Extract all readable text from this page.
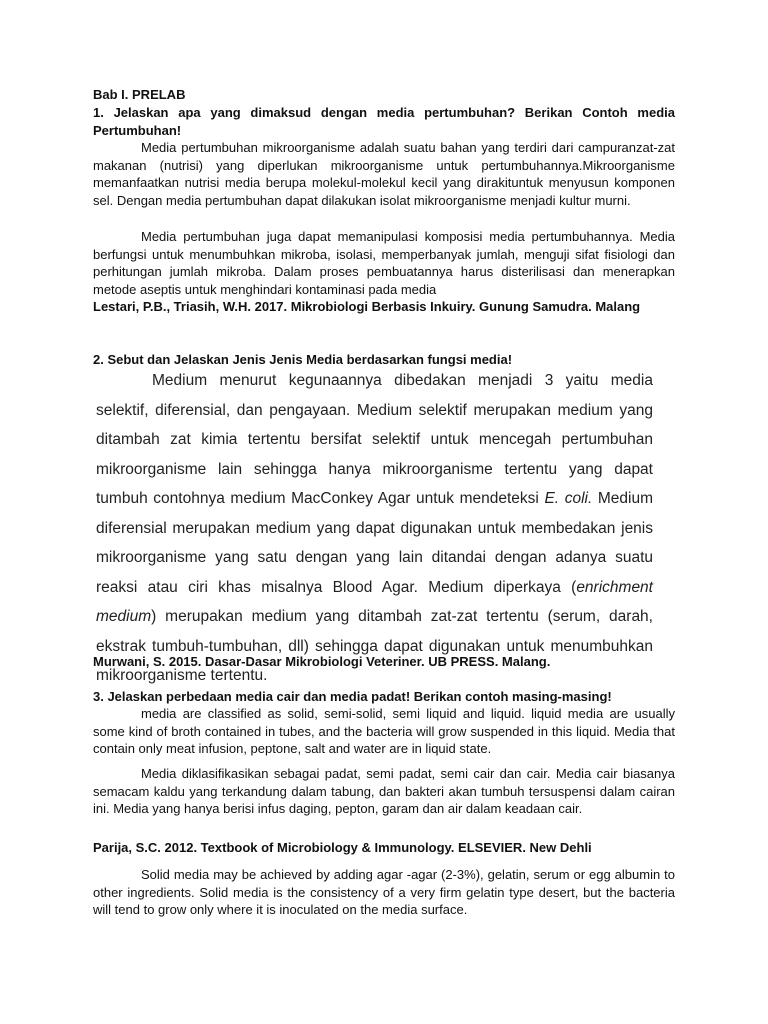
Bab I. PRELAB

1. Jelaskan apa yang dimaksud dengan media pertumbuhan? Berikan Contoh media Pertumbuhan!

Media pertumbuhan mikroorganisme adalah suatu bahan yang terdiri dari campuranzat-zat makanan (nutrisi) yang diperlukan mikroorganisme untuk pertumbuhannya.Mikroorganisme memanfaatkan nutrisi media berupa molekul-molekul kecil yang dirakituntuk menyusun komponen sel. Dengan media pertumbuhan dapat dilakukan isolat mikroorganisme menjadi kultur murni.

Media pertumbuhan juga dapat memanipulasi komposisi media pertumbuhannya. Media berfungsi untuk menumbuhkan mikroba, isolasi, memperbanyak jumlah, menguji sifat fisiologi dan perhitungan jumlah mikroba. Dalam proses pembuatannya harus disterilisasi dan menerapkan metode aseptis untuk menghindari kontaminasi pada media

Lestari, P.B., Triasih, W.H. 2017. Mikrobiologi Berbasis Inkuiry. Gunung Samudra. Malang

2. Sebut dan Jelaskan Jenis Jenis Media berdasarkan fungsi media!

Medium menurut kegunaannya dibedakan menjadi 3 yaitu media selektif, diferensial, dan pengayaan. Medium selektif merupakan medium yang ditambah zat kimia tertentu bersifat selektif untuk mencegah pertumbuhan mikroorganisme lain sehingga hanya mikroorganisme tertentu yang dapat tumbuh contohnya medium MacConkey Agar untuk mendeteksi E. coli. Medium diferensial merupakan medium yang dapat digunakan untuk membedakan jenis mikroorganisme yang satu dengan yang lain ditandai dengan adanya suatu reaksi atau ciri khas misalnya Blood Agar. Medium diperkaya (enrichment medium) merupakan medium yang ditambah zat-zat tertentu (serum, darah, ekstrak tumbuh-tumbuhan, dll) sehingga dapat digunakan untuk menumbuhkan mikroorganisme tertentu.

Murwani, S. 2015. Dasar-Dasar Mikrobiologi Veteriner. UB PRESS. Malang.

3. Jelaskan perbedaan media cair dan media padat! Berikan contoh masing-masing!

media are classified as solid, semi-solid, semi liquid and liquid. liquid media are usually some kind of broth contained in tubes, and the bacteria will grow suspended in this liquid. Media that contain only meat infusion, peptone, salt and water are in liquid state.

Media diklasifikasikan sebagai padat, semi padat, semi cair dan cair. Media cair biasanya semacam kaldu yang terkandung dalam tabung, dan bakteri akan tumbuh tersuspensi dalam cairan ini. Media yang hanya berisi infus daging, pepton, garam dan air dalam keadaan cair.

Parija, S.C. 2012. Textbook of Microbiology & Immunology. ELSEVIER. New Dehli

Solid media may be achieved by adding agar -agar (2-3%), gelatin, serum or egg albumin to other ingredients. Solid media is the consistency of a very firm gelatin type desert, but the bacteria will tend to grow only where it is inoculated on the media surface.
